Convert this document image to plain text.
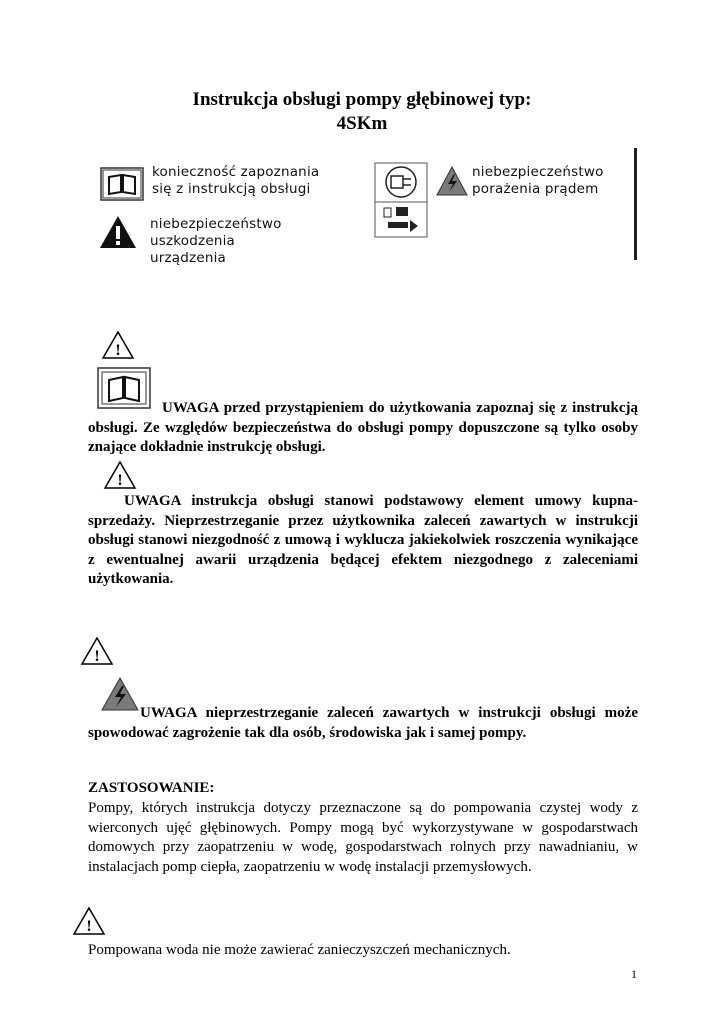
Instrukcja obsługi pompy głębinowej typ:
4SKm
konieczność zapoznania się z instrukcją obsługi
niebezpieczeństwo uszkodzenia urządzenia
niebezpieczeństwo porażenia prądem
!

UWAGA przed przystąpieniem do użytkowania zapoznaj się z instrukcją obsługi. Ze względów bezpieczeństwa do obsługi pompy dopuszczone są tylko osoby znające dokładnie instrukcję obsługi.

!

UWAGA instrukcja obsługi stanowi podstawowy element umowy kupna-sprzedaży. Nieprzestrzeganie przez użytkownika zaleceń zawartych w instrukcji obsługi stanowi niezgodność z umową i wyklucza jakiekolwiek roszczenia wynikające z ewentualnej awarii urządzenia będącej efektem niezgodnego z zaleceniami użytkowania.

!

UWAGA nieprzestrzeganie zaleceń zawartych w instrukcji obsługi może spowodować zagrożenie tak dla osób, środowiska jak i samej pompy.

ZASTOSOWANIE:

Pompy, których instrukcja dotyczy przeznaczone są do pompowania czystej wody z wierconych ujęć głębinowych. Pompy mogą być wykorzystywane w gospodarstwach domowych przy zaopatrzeniu w wodę, gospodarstwach rolnych przy nawadnianiu, w instalacjach pomp ciepła, zaopatrzeniu w wodę instalacji przemysłowych.

!

Pompowana woda nie może zawierać zanieczyszczeń mechanicznych.

1
